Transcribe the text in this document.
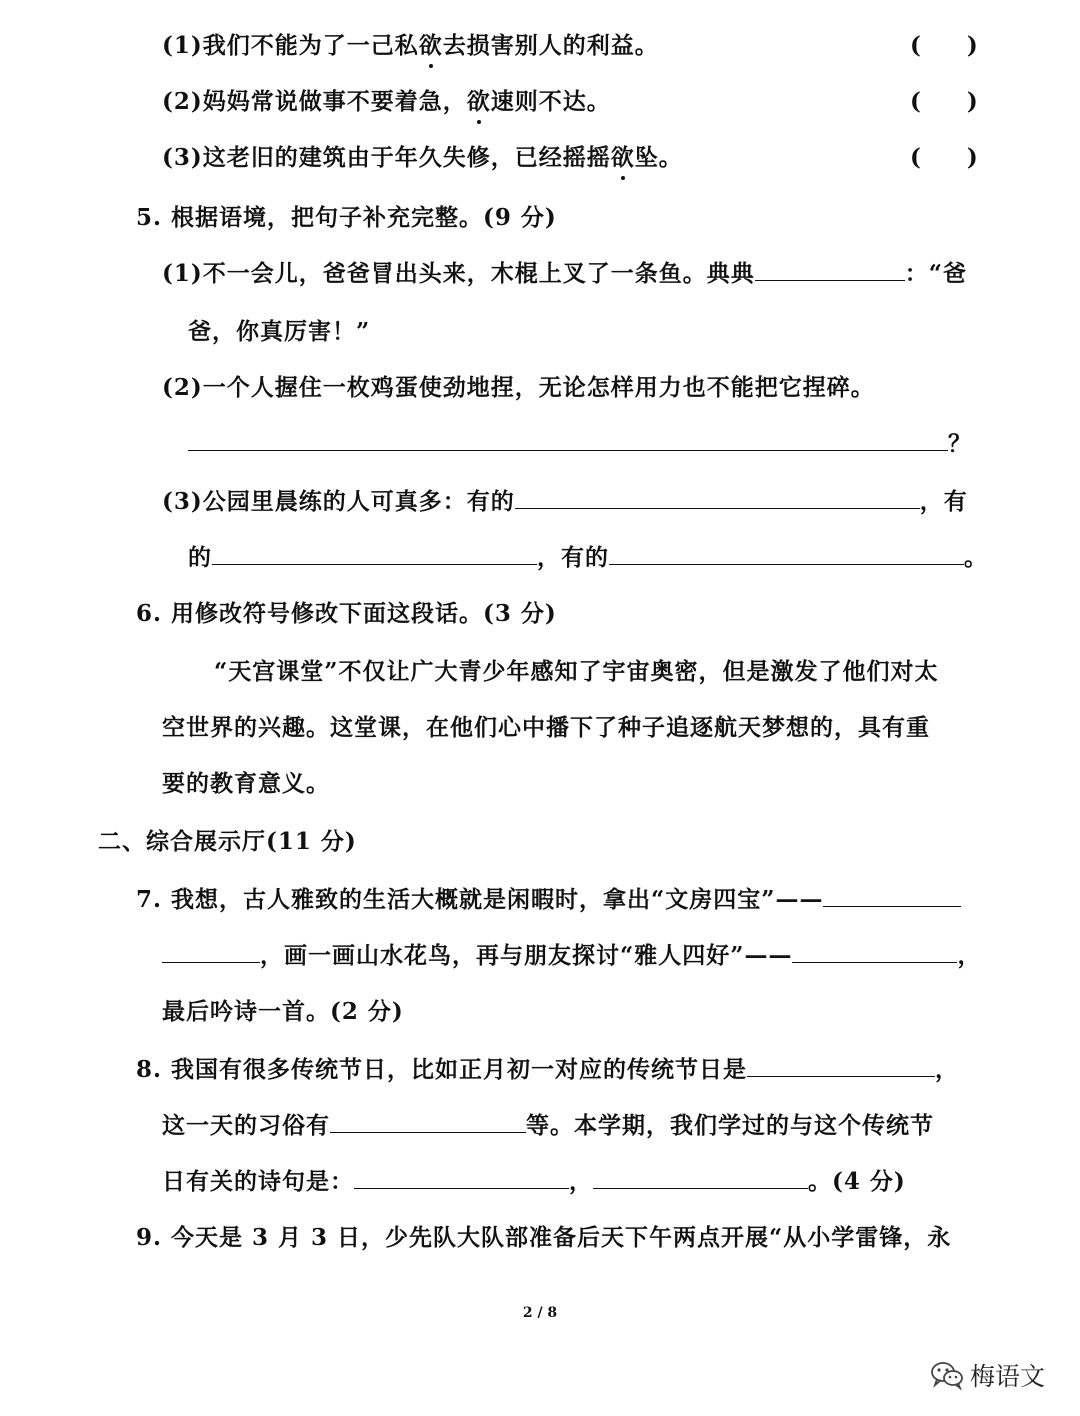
(1)我们不能为了一己私欲去损害别人的利益。	(　　)
(2)妈妈常说做事不要着急，欲速则不达。	(　　)
(3)这老旧的建筑由于年久失修，已经摇摇欲坠。	(　　)
5. 根据语境，把句子补充完整。(9 分)
(1)不一会儿，爸爸冒出头来，木棍上叉了一条鱼。典典	：“爸
爸，你真厉害！”
(2)一个人握住一枚鸡蛋使劲地捏，无论怎样用力也不能把它捏碎。
？
(3)公园里晨练的人可真多：有的	，有
的	，有的	。
6. 用修改符号修改下面这段话。(3 分)
“天宫课堂”不仅让广大青少年感知了宇宙奥密，但是激发了他们对太
空世界的兴趣。这堂课，在他们心中播下了种子追逐航天梦想的，具有重
要的教育意义。
二、综合展示厅(11 分)
7. 我想，古人雅致的生活大概就是闲暇时，拿出“文房四宝”——
，画一画山水花鸟，再与朋友探讨“雅人四好”——	，
最后吟诗一首。(2 分)
8. 我国有很多传统节日，比如正月初一对应的传统节日是	，
这一天的习俗有	等。本学期，我们学过的与这个传统节
日有关的诗句是：	，	。(4 分)
9. 今天是 3 月 3 日，少先队大队部准备后天下午两点开展“从小学雷锋，永
2 / 8
梅语文
